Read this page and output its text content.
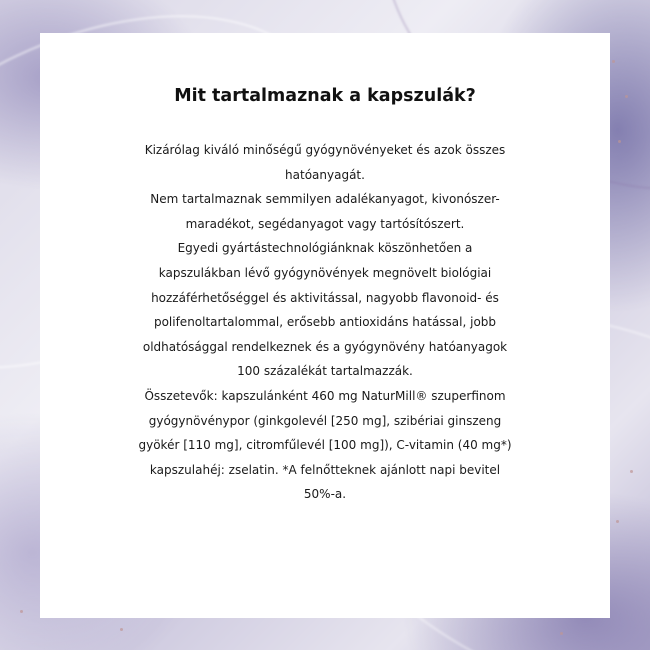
Mit tartalmaznak a kapszulák?
Kizárólag kiváló minőségű gyógynövényeket és azok összes
hatóanyagát.
Nem tartalmaznak semmilyen adalékanyagot, kivonószer-
maradékot, segédanyagot vagy tartósítószert.
Egyedi gyártástechnológiánknak köszönhetően a
kapszulákban lévő gyógynövények megnövelt biológiai
hozzáférhetőséggel és aktivitással, nagyobb flavonoid- és
polifenoltartalommal, erősebb antioxidáns hatással, jobb
oldhatósággal rendelkeznek és a gyógynövény hatóanyagok
100 százalékát tartalmazzák.
Összetevők: kapszulánként 460 mg NaturMill® szuperfinom
gyógynövénypor (ginkgolevél [250 mg], szibériai ginszeng
gyökér [110 mg], citromfűlevél [100 mg]), C-vitamin (40 mg*)
kapszulahéj: zselatin. *A felnőtteknek ajánlott napi bevitel
50%-a.
